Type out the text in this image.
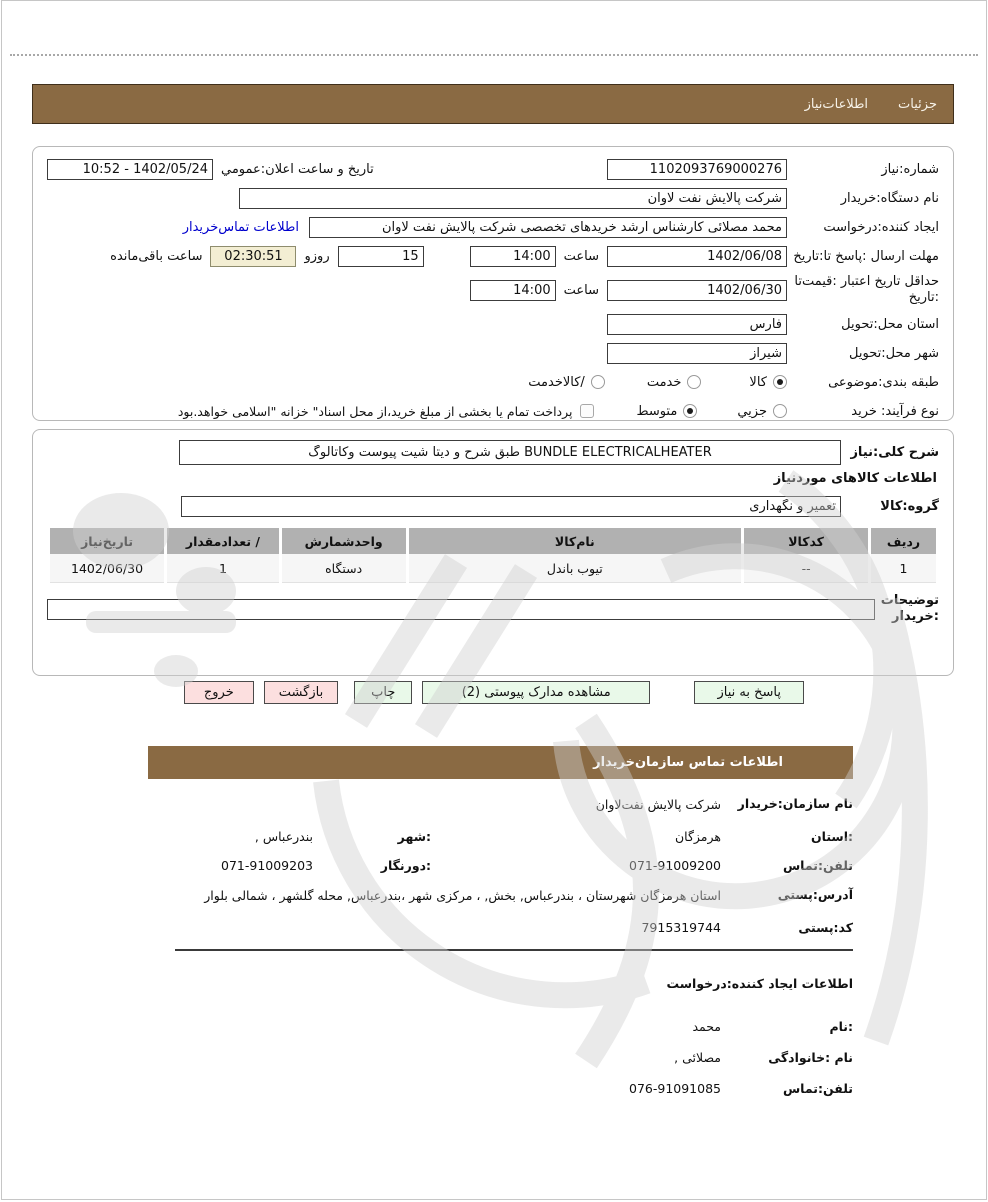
جزئیات
اطلاعات‌نیاز
شماره:نیاز
1102093769000276
تاریخ و ساعت اعلان:عمومي
1402/05/24 - 10:52
نام دستگاه:خریدار
شرکت پالایش نفت لاوان
ایجاد کننده:درخواست
محمد مصلائی کارشناس ارشد خریدهای تخصصی شرکت پالایش نفت لاوان
اطلاعات تماس‌خریدار
مهلت ارسال :پاسخ تا:تاریخ
1402/06/08
ساعت
14:00
15
روزو
02:30:51
ساعت باقی‌مانده
حداقل تاریخ اعتبار :قیمت‌تا
:تاریخ
1402/06/30
ساعت
14:00
استان محل:تحویل
فارس
شهر محل:تحویل
شیراز
طبقه بندی:موضوعی
کالا
خدمت
/کالاخدمت
نوع فرآیند: خرید
جزیي
متوسط
پرداخت تمام یا بخشی از مبلغ خرید،از محل اسناد" خزانه "اسلامی خواهد.بود
شرح کلی:نیاز
BUNDLE ELECTRICALHEATER طبق شرح و دیتا شیت پیوست وکاتالوگ
اطلاعات کالاهای موردنیاز
گروه:کالا
تعمیر و نگهداری
ردیف	کدکالا	نام‌کالا	واحدشمارش	/ تعدادمقدار	تاریخ‌نیاز
1	--	تیوب باندل	دستگاه	1	1402/06/30
توضیحات
:خریدار
پاسخ به نیاز
مشاهده مدارک پیوستی (2)
چاپ
بازگشت
خروج
اطلاعات تماس سازمان‌خریدار
نام سازمان:خریدار
شرکت پالایش نفت‌لاوان
:استان
هرمزگان
:شهر
بندرعباس ,
تلفن:تماس
071-91009200
:دورنگار
071-91009203
آدرس:پستی
استان هرمزگان شهرستان ، بندرعباس, بخش, ، مرکزی شهر ،بندرعباس, محله گلشهر ، شمالی بلوار
کد:پستی
7915319744
اطلاعات ایجاد کننده:درخواست
:نام
محمد
نام :خانوادگی
مصلائی ,
تلفن:تماس
076-91091085
